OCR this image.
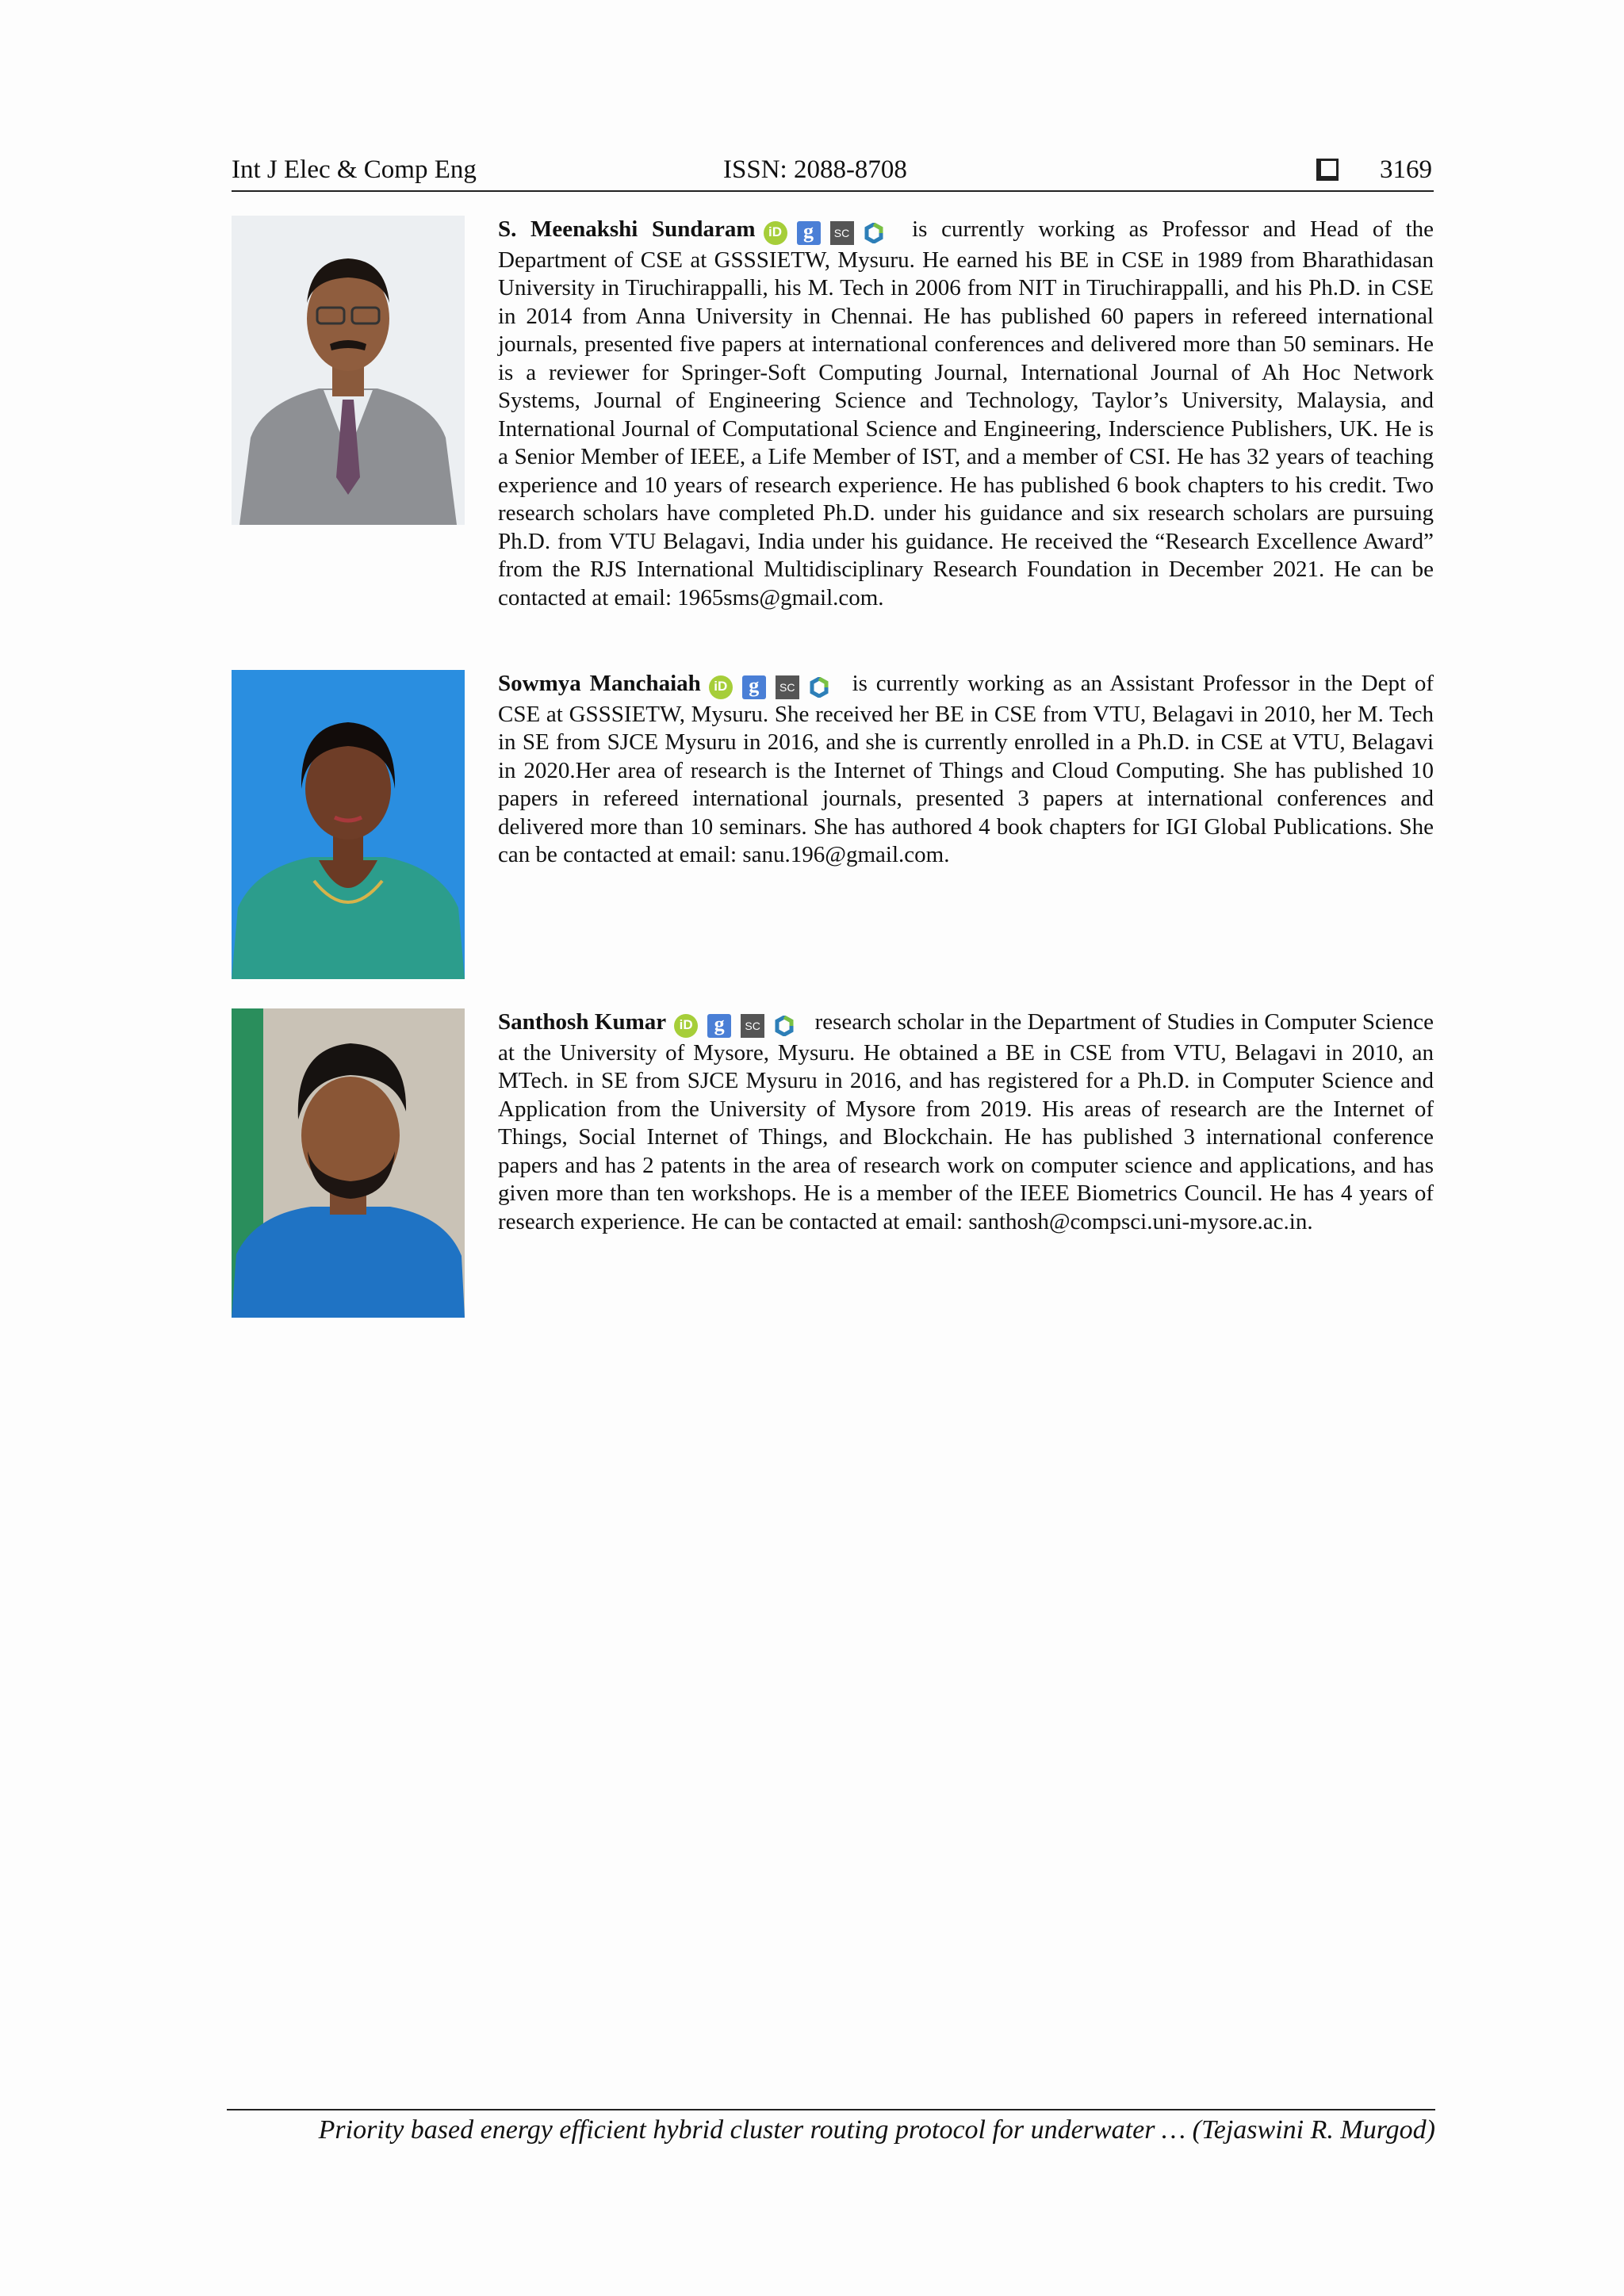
Int J Elec & Comp Eng	ISSN: 2088-8708	3169
S. Meenakshi Sundaram iD g SC	is currently working as Professor and Head of the Department of CSE at GSSSIETW, Mysuru. He earned his BE in CSE in 1989 from Bharathidasan University in Tiruchirappalli, his M. Tech in 2006 from NIT in Tiruchirappalli, and his Ph.D. in CSE in 2014 from Anna University in Chennai. He has published 60 papers in refereed international journals, presented five papers at international conferences and delivered more than 50 seminars. He is a reviewer for Springer-Soft Computing Journal, International Journal of Ah Hoc Network Systems, Journal of Engineering Science and Technology, Taylor’s University, Malaysia, and International Journal of Computational Science and Engineering, Inderscience Publishers, UK. He is a Senior Member of IEEE, a Life Member of IST, and a member of CSI. He has 32 years of teaching experience and 10 years of research experience. He has published 6 book chapters to his credit. Two research scholars have completed Ph.D. under his guidance and six research scholars are pursuing Ph.D. from VTU Belagavi, India under his guidance. He received the “Research Excellence Award” from the RJS International Multidisciplinary Research Foundation in December 2021. He can be contacted at email: 1965sms@gmail.com.
Sowmya Manchaiah iD g SC	is currently working as an Assistant Professor in the Dept of CSE at GSSSIETW, Mysuru. She received her BE in CSE from VTU, Belagavi in 2010, her M. Tech in SE from SJCE Mysuru in 2016, and she is currently enrolled in a Ph.D. in CSE at VTU, Belagavi in 2020.Her area of research is the Internet of Things and Cloud Computing. She has published 10 papers in refereed international journals, presented 3 papers at international conferences and delivered more than 10 seminars. She has authored 4 book chapters for IGI Global Publications. She can be contacted at email: sanu.196@gmail.com.
Santhosh Kumar iD g SC	research scholar in the Department of Studies in Computer Science at the University of Mysore, Mysuru. He obtained a BE in CSE from VTU, Belagavi in 2010, an MTech. in SE from SJCE Mysuru in 2016, and has registered for a Ph.D. in Computer Science and Application from the University of Mysore from 2019. His areas of research are the Internet of Things, Social Internet of Things, and Blockchain. He has published 3 international conference papers and has 2 patents in the area of research work on computer science and applications, and has given more than ten workshops. He is a member of the IEEE Biometrics Council. He has 4 years of research experience. He can be contacted at email: santhosh@compsci.uni-mysore.ac.in.
Priority based energy efficient hybrid cluster routing protocol for underwater … (Tejaswini R. Murgod)
